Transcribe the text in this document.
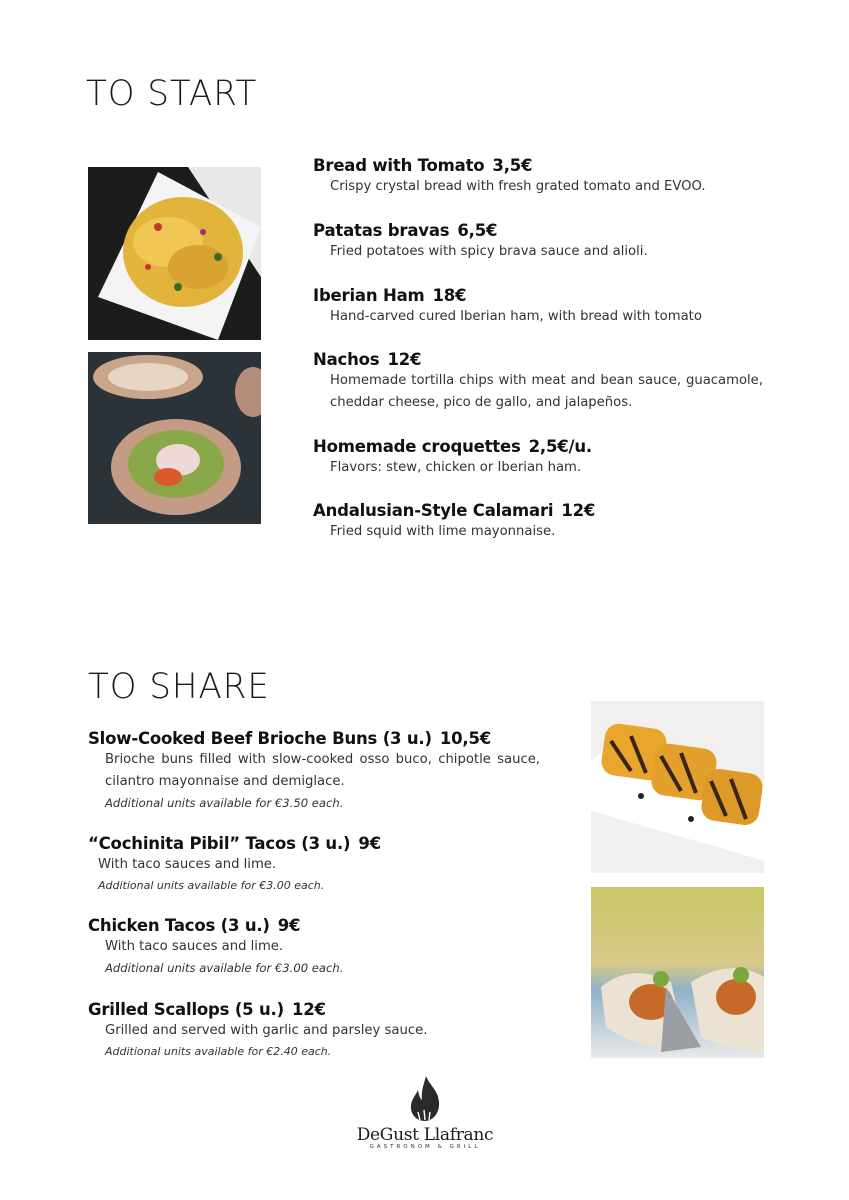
TO START
Bread with Tomato 3,5€
Crispy crystal bread with fresh grated tomato and EVOO.
Patatas bravas 6,5€
Fried potatoes with spicy brava sauce and alioli.
Iberian Ham 18€
Hand-carved cured Iberian ham, with bread with tomato
Nachos 12€
Homemade tortilla chips with meat and bean sauce, guacamole, cheddar cheese, pico de gallo, and jalapeños.
Homemade croquettes 2,5€/u.
Flavors: stew, chicken or Iberian ham.
Andalusian-Style Calamari 12€
Fried squid with lime mayonnaise.
TO SHARE
Slow-Cooked Beef Brioche Buns (3 u.) 10,5€
Brioche buns filled with slow-cooked osso buco, chipotle sauce, cilantro mayonnaise and demiglace.
Additional units available for €3.50 each.
“Cochinita Pibil” Tacos (3 u.) 9€
With taco sauces and lime.
Additional units available for €3.00 each.
Chicken Tacos (3 u.) 9€
With taco sauces and lime.
Additional units available for €3.00 each.
Grilled Scallops (5 u.) 12€
Grilled and served with garlic and parsley sauce.
Additional units available for €2.40 each.
DeGust Llafranc
GASTRONOM & GRILL
